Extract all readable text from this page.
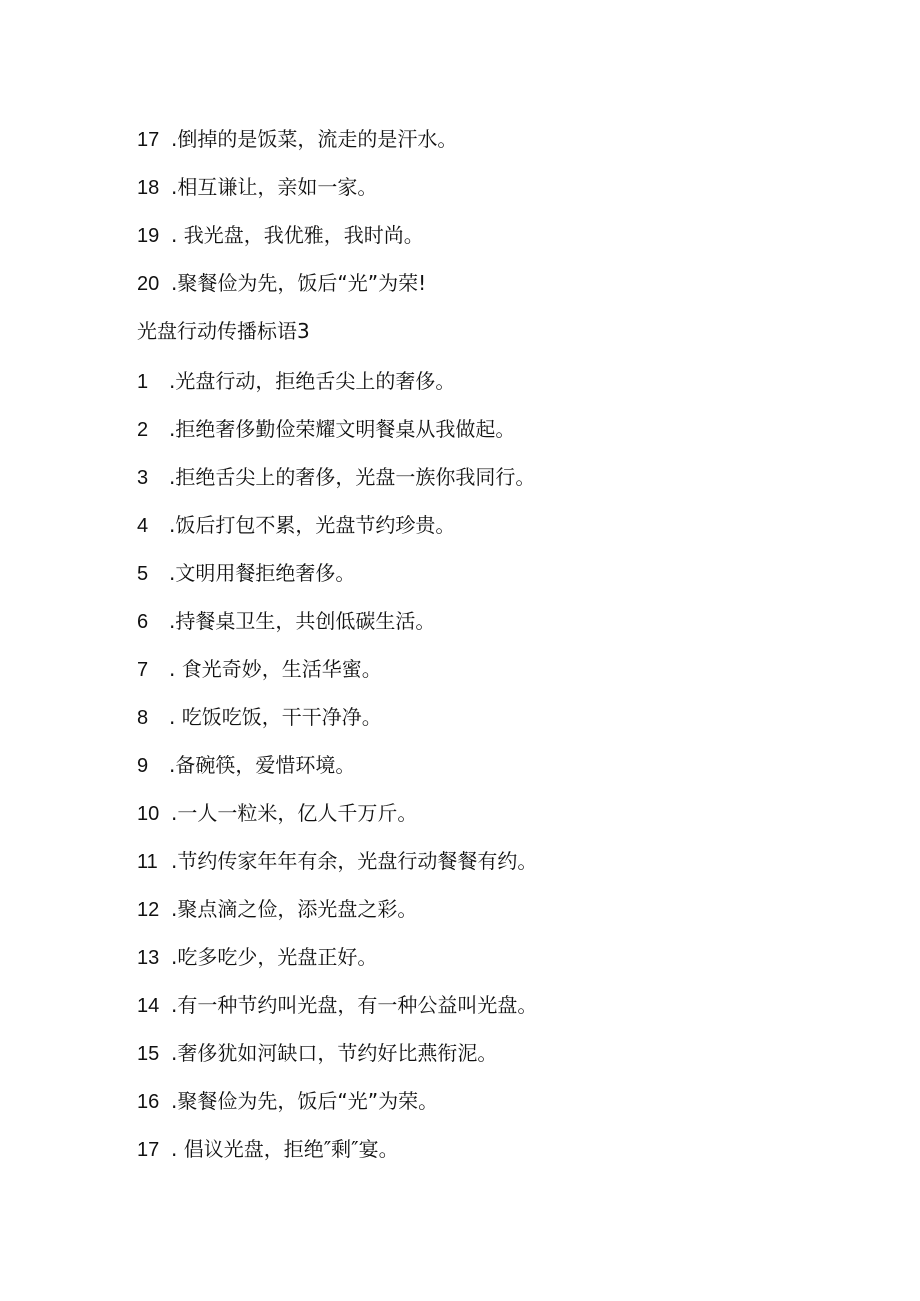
17 .倒掉的是饭菜，流走的是汗水。
18 .相互谦让，亲如一家。
19 . 我光盘，我优雅，我时尚。
20 .聚餐俭为先，饭后“光”为荣!
光盘行动传播标语3
1 .光盘行动，拒绝舌尖上的奢侈。
2 .拒绝奢侈勤俭荣耀文明餐桌从我做起。
3 .拒绝舌尖上的奢侈，光盘一族你我同行。
4 .饭后打包不累，光盘节约珍贵。
5 .文明用餐拒绝奢侈。
6 .持餐桌卫生，共创低碳生活。
7 . 食光奇妙，生活华蜜。
8 . 吃饭吃饭，干干净净。
9 .备碗筷，爱惜环境。
10 .一人一粒米，亿人千万斤。
11 .节约传家年年有余，光盘行动餐餐有约。
12 .聚点滴之俭，添光盘之彩。
13 .吃多吃少，光盘正好。
14 .有一种节约叫光盘，有一种公益叫光盘。
15 .奢侈犹如河缺口，节约好比燕衔泥。
16 .聚餐俭为先，饭后“光”为荣。
17 . 倡议光盘，拒绝″剩″宴。
